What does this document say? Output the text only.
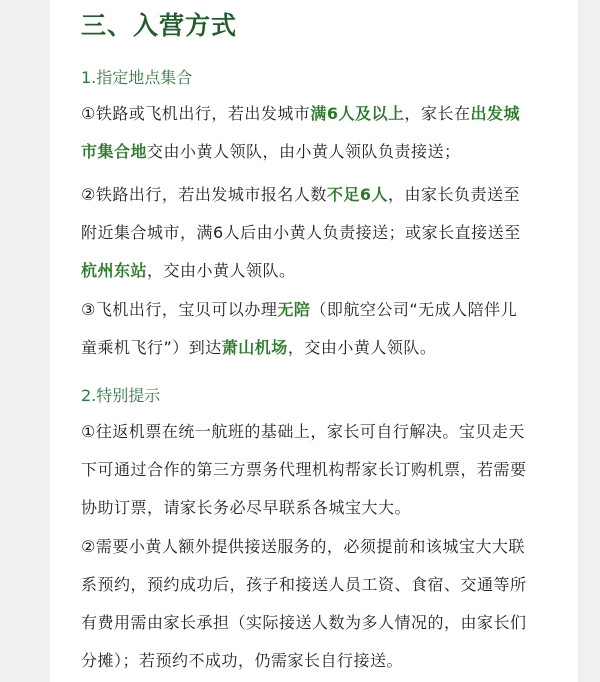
三、入营方式
1.指定地点集合
①铁路或飞机出行，若出发城市满6人及以上，家长在出发城
市集合地交由小黄人领队，由小黄人领队负责接送；
②铁路出行，若出发城市报名人数不足6人，由家长负责送至
附近集合城市，满6人后由小黄人负责接送；或家长直接送至
杭州东站，交由小黄人领队。
③飞机出行，宝贝可以办理无陪（即航空公司“无成人陪伴儿
童乘机飞行”）到达萧山机场，交由小黄人领队。
2.特别提示
①往返机票在统一航班的基础上，家长可自行解决。宝贝走天
下可通过合作的第三方票务代理机构帮家长订购机票，若需要
协助订票，请家长务必尽早联系各城宝大大。
②需要小黄人额外提供接送服务的，必须提前和该城宝大大联
系预约，预约成功后，孩子和接送人员工资、食宿、交通等所
有费用需由家长承担（实际接送人数为多人情况的，由家长们
分摊）；若预约不成功，仍需家长自行接送。
